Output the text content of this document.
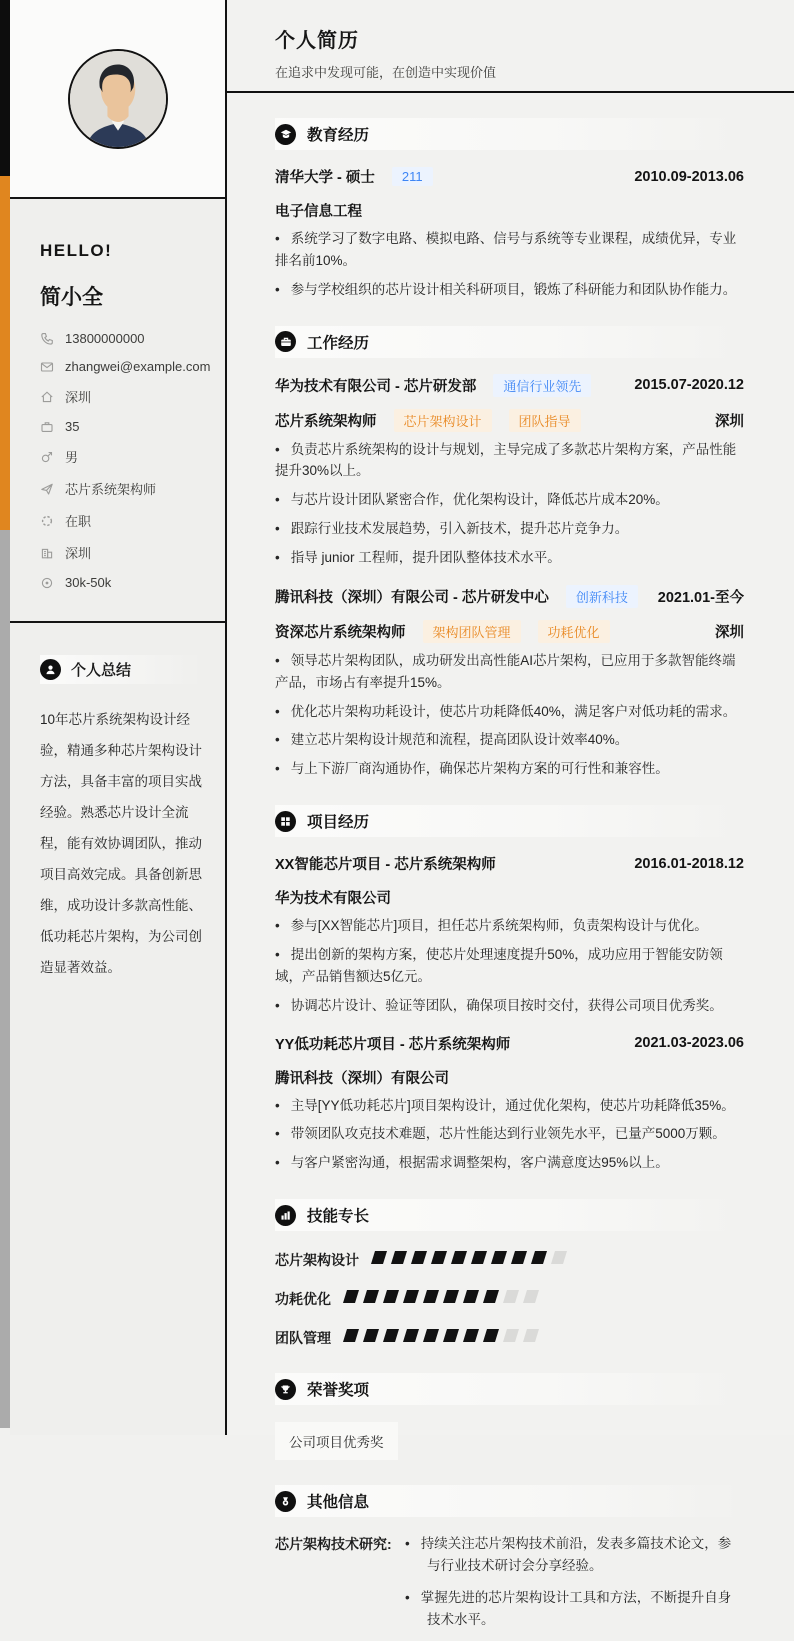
HELLO!
简小全
13800000000
zhangwei@example.com
深圳
35
男
芯片系统架构师
在职
深圳
30k-50k
个人总结
10年芯片系统架构设计经验，精通多种芯片架构设计方法，具备丰富的项目实战经验。熟悉芯片设计全流程，能有效协调团队，推动项目高效完成。具备创新思维，成功设计多款高性能、低功耗芯片架构，为公司创造显著效益。
个人简历
在追求中发现可能，在创造中实现价值
教育经历
清华大学 - 硕士	211	2010.09-2013.06
电子信息工程
• 系统学习了数字电路、模拟电路、信号与系统等专业课程，成绩优异，专业排名前10%。
• 参与学校组织的芯片设计相关科研项目，锻炼了科研能力和团队协作能力。
工作经历
华为技术有限公司 - 芯片研发部	通信行业领先	2015.07-2020.12
芯片系统架构师	芯片架构设计	团队指导	深圳
• 负责芯片系统架构的设计与规划，主导完成了多款芯片架构方案，产品性能提升30%以上。
• 与芯片设计团队紧密合作，优化架构设计，降低芯片成本20%。
• 跟踪行业技术发展趋势，引入新技术，提升芯片竞争力。
• 指导 junior 工程师，提升团队整体技术水平。
腾讯科技（深圳）有限公司 - 芯片研发中心	创新科技	2021.01-至今
资深芯片系统架构师	架构团队管理	功耗优化	深圳
• 领导芯片架构团队，成功研发出高性能AI芯片架构，已应用于多款智能终端产品，市场占有率提升15%。
• 优化芯片架构功耗设计，使芯片功耗降低40%，满足客户对低功耗的需求。
• 建立芯片架构设计规范和流程，提高团队设计效率40%。
• 与上下游厂商沟通协作，确保芯片架构方案的可行性和兼容性。
项目经历
XX智能芯片项目 - 芯片系统架构师	2016.01-2018.12
华为技术有限公司
• 参与[XX智能芯片]项目，担任芯片系统架构师，负责架构设计与优化。
• 提出创新的架构方案，使芯片处理速度提升50%，成功应用于智能安防领域，产品销售额达5亿元。
• 协调芯片设计、验证等团队，确保项目按时交付，获得公司项目优秀奖。
YY低功耗芯片项目 - 芯片系统架构师	2021.03-2023.06
腾讯科技（深圳）有限公司
• 主导[YY低功耗芯片]项目架构设计，通过优化架构，使芯片功耗降低35%。
• 带领团队攻克技术难题，芯片性能达到行业领先水平，已量产5000万颗。
• 与客户紧密沟通，根据需求调整架构，客户满意度达95%以上。
技能专长
芯片架构设计
功耗优化
团队管理
荣誉奖项
公司项目优秀奖
其他信息
芯片架构技术研究: • 持续关注芯片架构技术前沿，发表多篇技术论文，参与行业技术研讨会分享经验。
• 掌握先进的芯片架构设计工具和方法，不断提升自身技术水平。
